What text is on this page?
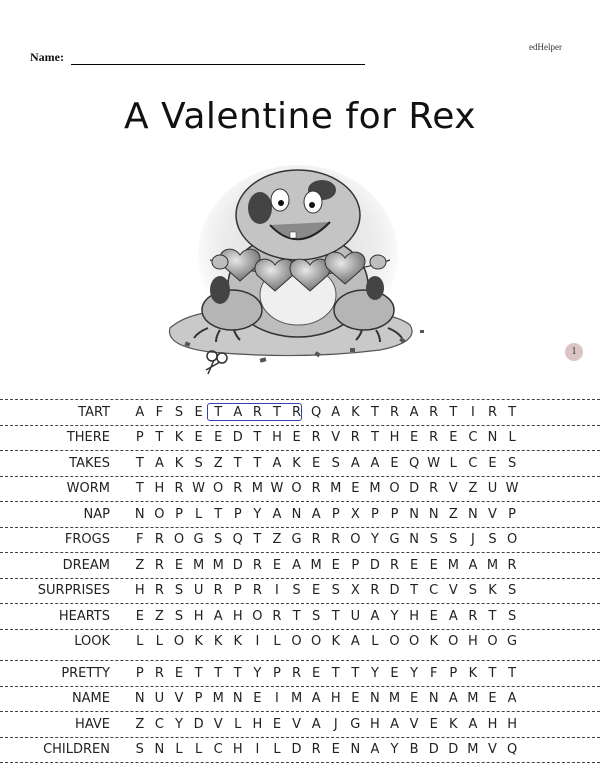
edHelper
Name:
A Valentine for Rex
1
TART	A F S E T A R T R Q A K T R A R T	I	R T
THERE	P T K E E D T H E R V R T H E R E C N L
TAKES	T A K S Z T T A K E S A A E Q W L C E S
WORM	T H R W O R M W O R M E M O D R V Z U W
NAP	N O P L T P Y A N A P X P P N N Z N V P
FROGS	F R O G S Q T Z G R R O Y G N S S	J	S O
DREAM	Z R E M M D R E A M E P D R E E M A M R
SURPRISES	H R S U R P R	I	S E S X R D T C V S K S
HEARTS	E Z S H A H O R T S T U A Y H E A R T S
LOOK	L L O K K K	I	L O O K A L O O K O H O G
PRETTY	P R E T T T Y P R E T T Y E Y F P K T T
NAME	N U V P M N E	I M A H E N M E N A M E A
HAVE	Z C Y D V L H E V A	J G H A V E K A H H
CHILDREN	S N L L C H I	L D R E N A Y B D D M V Q
